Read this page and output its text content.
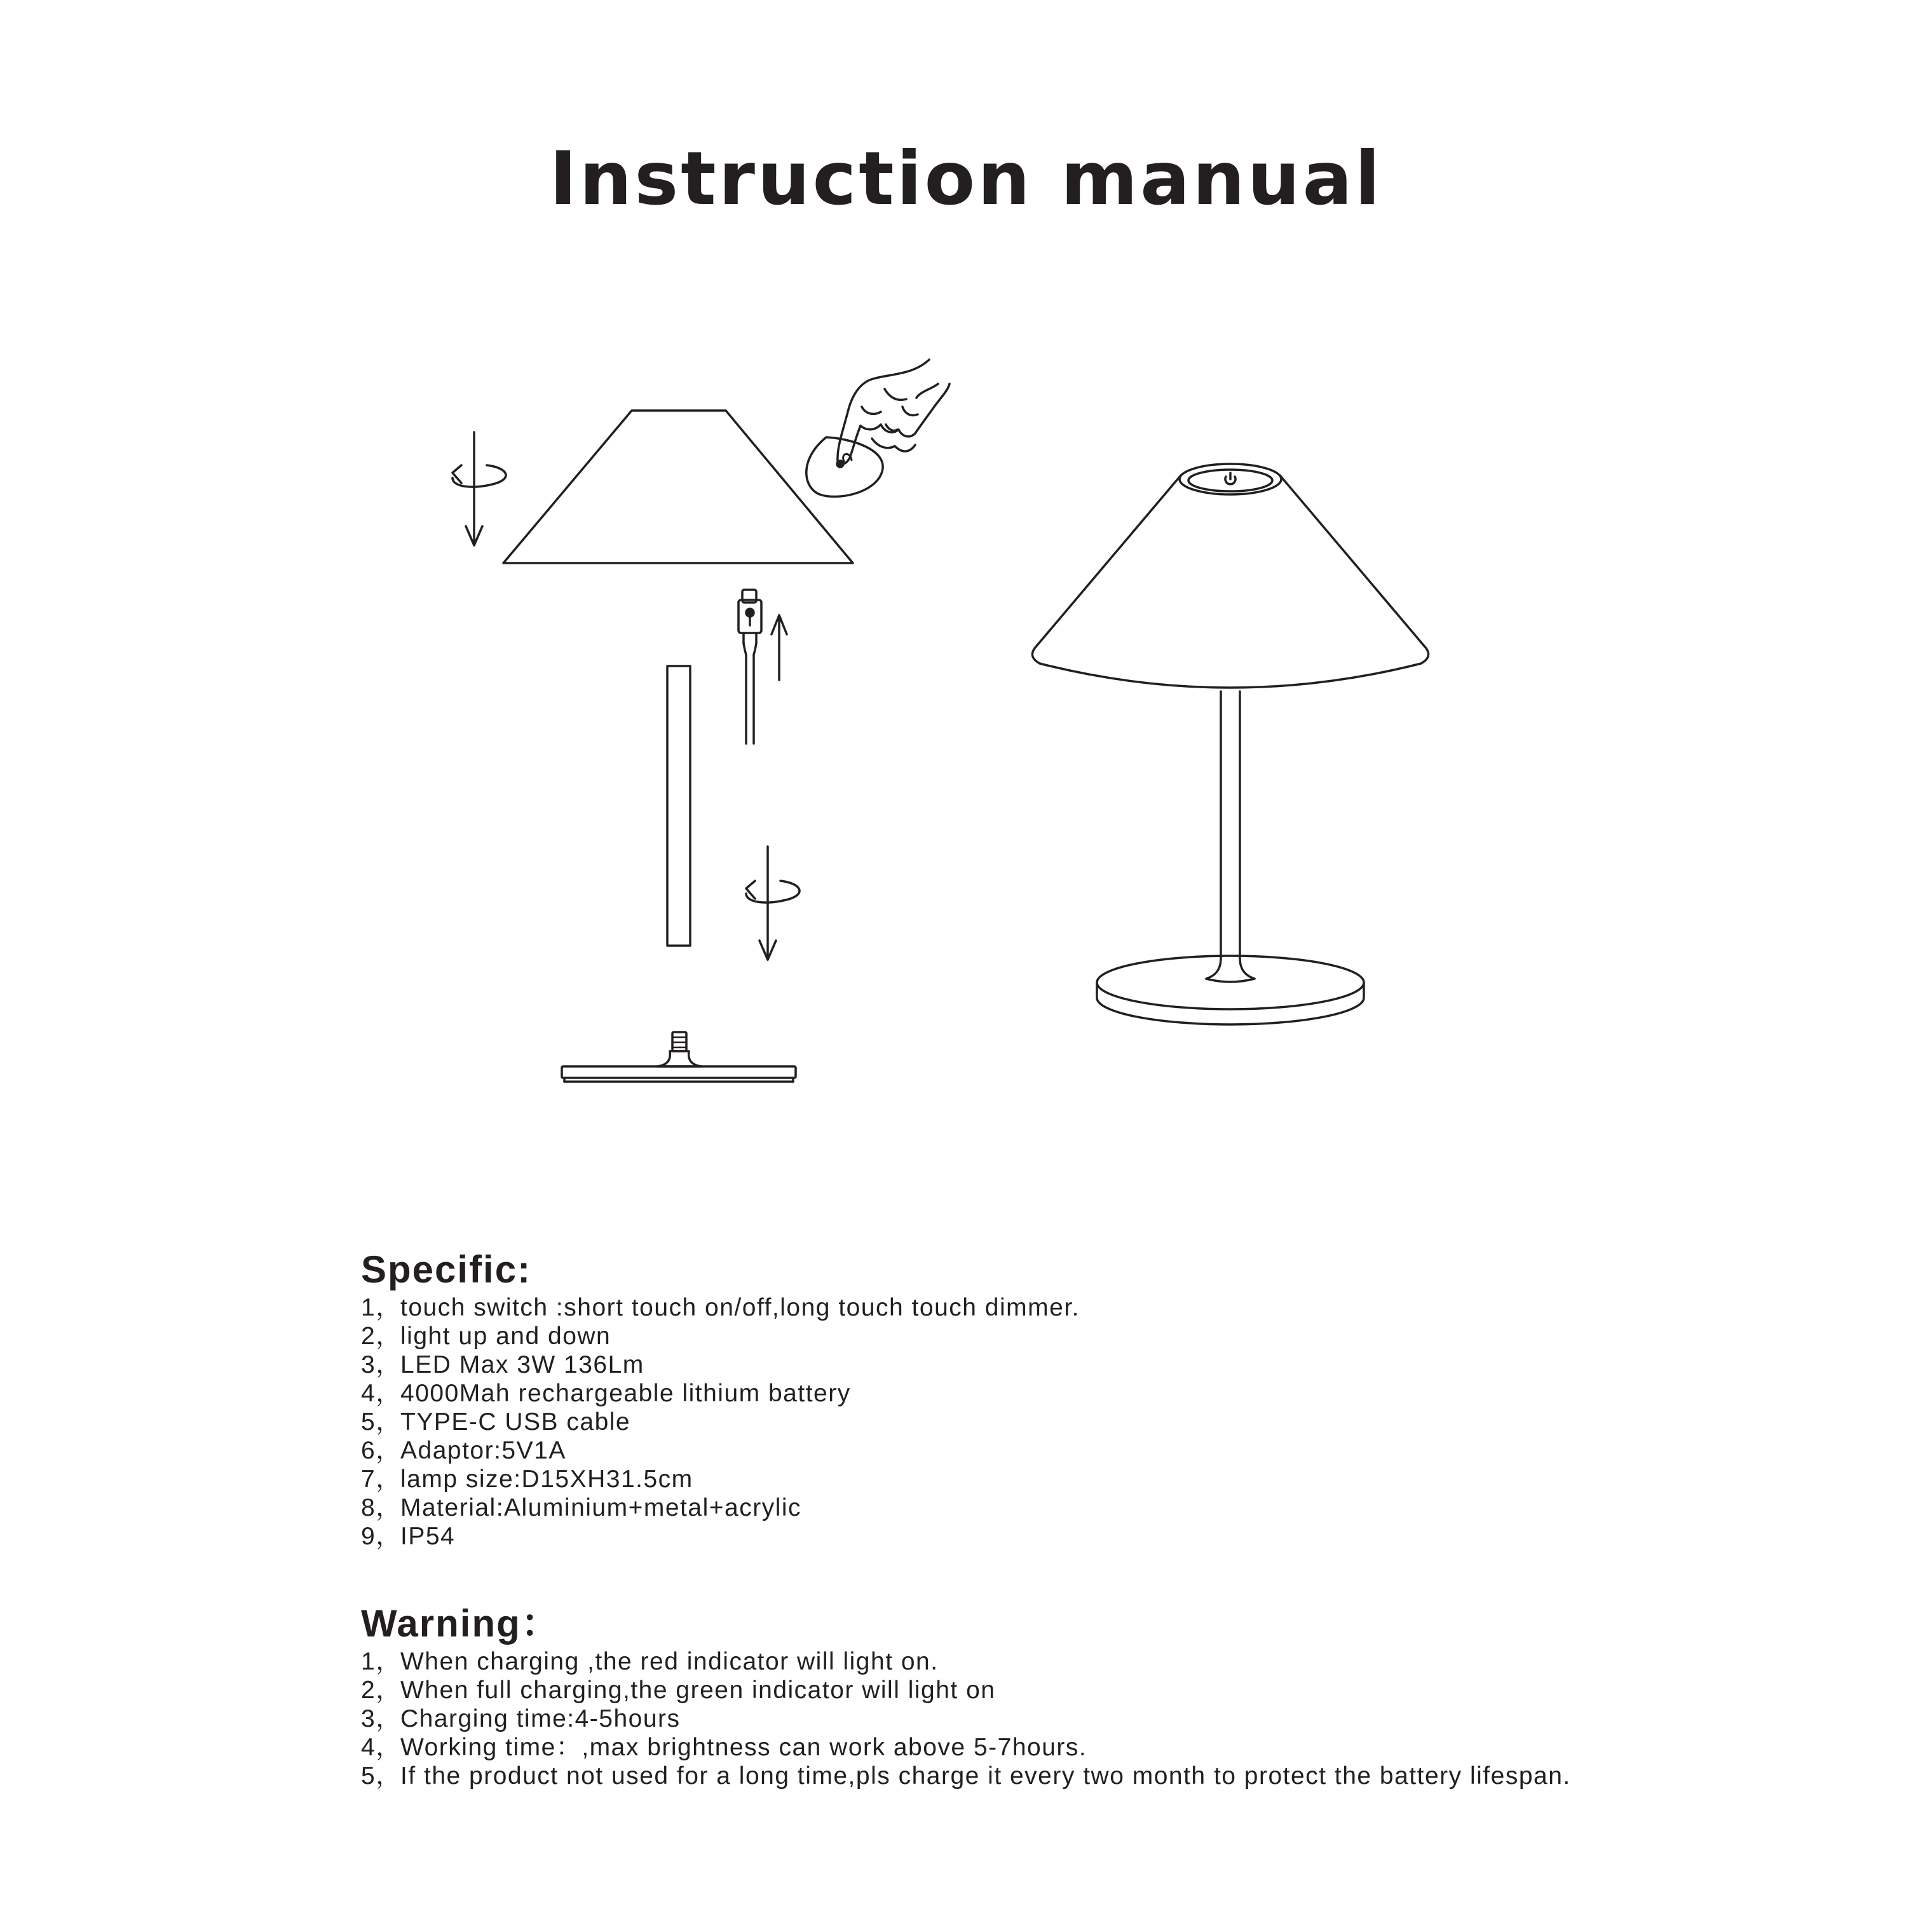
Instruction manual
Specific:
1，
touch switch :short touch on/off,long touch touch dimmer.
2，
light up and down
3，
LED Max 3W 136Lm
4，
4000Mah rechargeable lithium battery
5，
TYPE-C USB cable
6，
Adaptor:5V1A
7，
lamp size:D15XH31.5cm
8，
Material:Aluminium+metal+acrylic
9，
IP54
Warning：
1，
When charging ,the red indicator will light on.
2，
When full charging,the green indicator will light on
3，
Charging time:4-5hours
4，
Working time：,max brightness can work above 5-7hours.
5，
If the product not used for a long time,pls charge it every two month to protect the battery lifespan.
